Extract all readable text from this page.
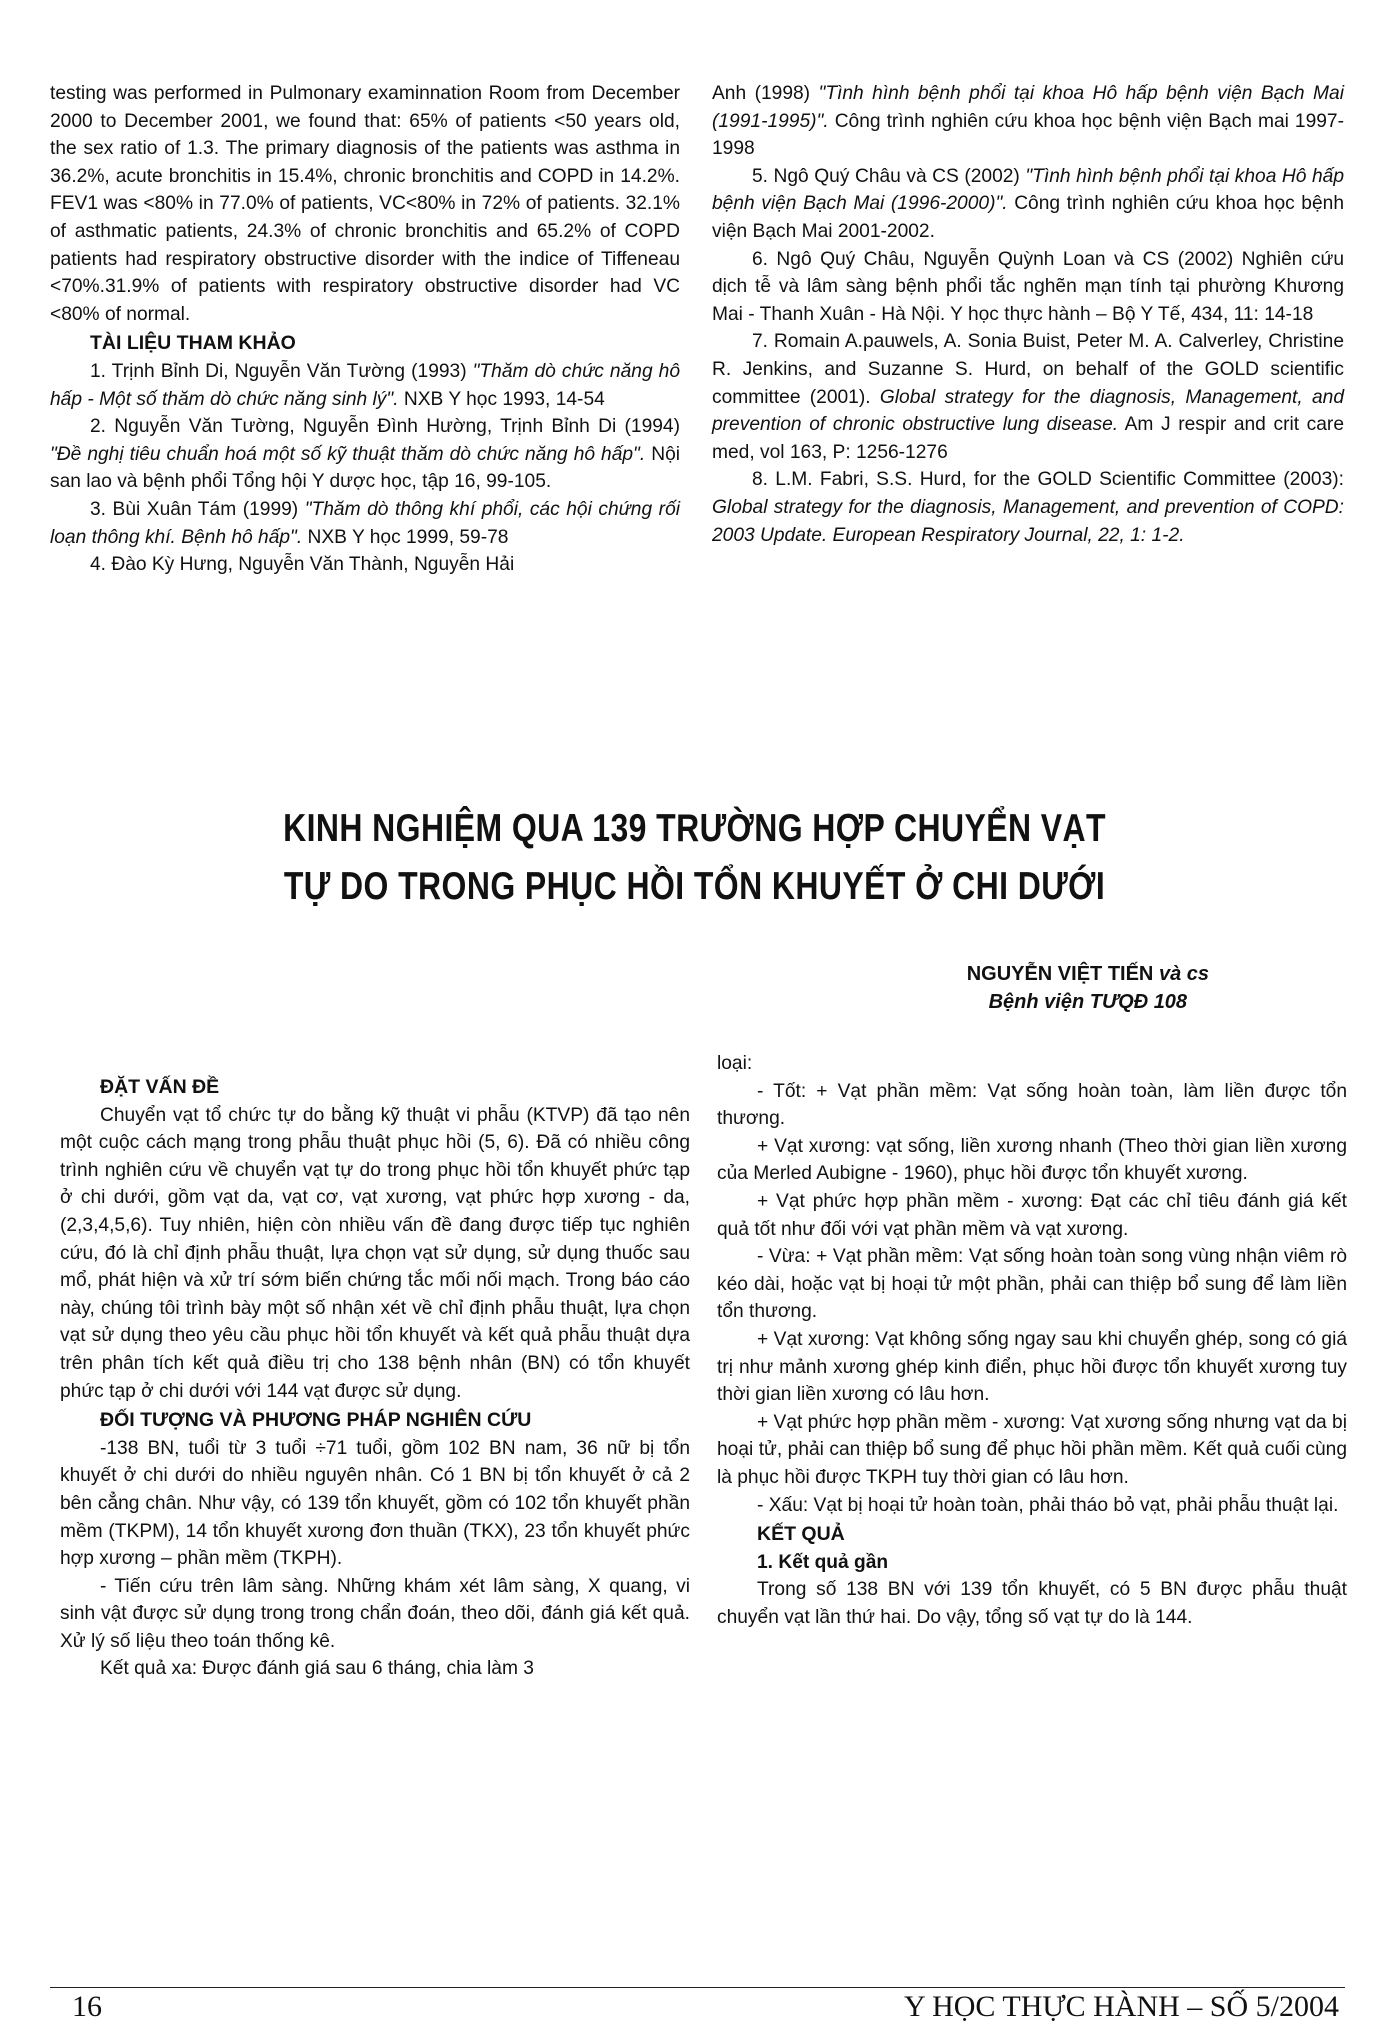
testing was performed in Pulmonary examinnation Room from December 2000 to December 2001, we found that: 65% of patients <50 years old, the sex ratio of 1.3. The primary diagnosis of the patients was asthma in 36.2%, acute bronchitis in 15.4%, chronic bronchitis and COPD in 14.2%. FEV1 was <80% in 77.0% of patients, VC<80% in 72% of patients. 32.1% of asthmatic patients, 24.3% of chronic bronchitis and 65.2% of COPD patients had respiratory obstructive disorder with the indice of Tiffeneau <70%.31.9% of patients with respiratory obstructive disorder had VC <80% of normal.

TÀI LIỆU THAM KHẢO

1. Trịnh Bỉnh Di, Nguyễn Văn Tường (1993) "Thăm dò chức năng hô hấp - Một số thăm dò chức năng sinh lý". NXB Y học 1993, 14-54

2. Nguyễn Văn Tường, Nguyễn Đình Hường, Trịnh Bỉnh Di (1994) "Đề nghị tiêu chuẩn hoá một số kỹ thuật thăm dò chức năng hô hấp". Nội san lao và bệnh phổi Tổng hội Y dược học, tập 16, 99-105.

3. Bùi Xuân Tám (1999) "Thăm dò thông khí phổi, các hội chứng rối loạn thông khí. Bệnh hô hấp". NXB Y học 1999, 59-78

4. Đào Kỳ Hưng, Nguyễn Văn Thành, Nguyễn Hải

Anh (1998) "Tình hình bệnh phổi tại khoa Hô hấp bệnh viện Bạch Mai (1991-1995)". Công trình nghiên cứu khoa học bệnh viện Bạch mai 1997-1998

5. Ngô Quý Châu và CS (2002) "Tình hình bệnh phổi tại khoa Hô hấp bệnh viện Bạch Mai (1996-2000)". Công trình nghiên cứu khoa học bệnh viện Bạch Mai 2001-2002.

6. Ngô Quý Châu, Nguyễn Quỳnh Loan và CS (2002) Nghiên cứu dịch tễ và lâm sàng bệnh phổi tắc nghẽn mạn tính tại phường Khương Mai - Thanh Xuân - Hà Nội. Y học thực hành – Bộ Y Tế, 434, 11: 14-18

7. Romain A.pauwels, A. Sonia Buist, Peter M. A. Calverley, Christine R. Jenkins, and Suzanne S. Hurd, on behalf of the GOLD scientific committee (2001). Global strategy for the diagnosis, Management, and prevention of chronic obstructive lung disease. Am J respir and crit care med, vol 163, P: 1256-1276

8. L.M. Fabri, S.S. Hurd, for the GOLD Scientific Committee (2003): Global strategy for the diagnosis, Management, and prevention of COPD: 2003 Update. European Respiratory Journal, 22, 1: 1-2.

KINH NGHIỆM QUA 139 TRƯỜNG HỢP CHUYỂN VẠT
TỰ DO TRONG PHỤC HỒI TỔN KHUYẾT Ở CHI DƯỚI
NGUYỄN VIỆT TIẾN và cs
Bệnh viện TƯQĐ 108

ĐẶT VẤN ĐỀ

Chuyển vạt tổ chức tự do bằng kỹ thuật vi phẫu (KTVP) đã tạo nên một cuộc cách mạng trong phẫu thuật phục hồi (5, 6). Đã có nhiều công trình nghiên cứu về chuyển vạt tự do trong phục hồi tổn khuyết phức tạp ở chi dưới, gồm vạt da, vạt cơ, vạt xương, vạt phức hợp xương - da, (2,3,4,5,6). Tuy nhiên, hiện còn nhiều vấn đề đang được tiếp tục nghiên cứu, đó là chỉ định phẫu thuật, lựa chọn vạt sử dụng, sử dụng thuốc sau mổ, phát hiện và xử trí sớm biến chứng tắc mối nối mạch. Trong báo cáo này, chúng tôi trình bày một số nhận xét về chỉ định phẫu thuật, lựa chọn vạt sử dụng theo yêu cầu phục hồi tổn khuyết và kết quả phẫu thuật dựa trên phân tích kết quả điều trị cho 138 bệnh nhân (BN) có tổn khuyết phức tạp ở chi dưới với 144 vạt được sử dụng.

ĐỐI TƯỢNG VÀ PHƯƠNG PHÁP NGHIÊN CỨU

-138 BN, tuổi từ 3 tuổi ÷71 tuổi, gồm 102 BN nam, 36 nữ bị tổn khuyết ở chi dưới do nhiều nguyên nhân. Có 1 BN bị tổn khuyết ở cả 2 bên cẳng chân. Như vậy, có 139 tổn khuyết, gồm có 102 tổn khuyết phần mềm (TKPM), 14 tổn khuyết xương đơn thuần (TKX), 23 tổn khuyết phức hợp xương – phần mềm (TKPH).

- Tiến cứu trên lâm sàng. Những khám xét lâm sàng, X quang, vi sinh vật được sử dụng trong trong chẩn đoán, theo dõi, đánh giá kết quả. Xử lý số liệu theo toán thống kê.

Kết quả xa: Được đánh giá sau 6 tháng, chia làm 3

loại:

- Tốt: + Vạt phần mềm: Vạt sống hoàn toàn, làm liền được tổn thương.

+ Vạt xương: vạt sống, liền xương nhanh (Theo thời gian liền xương của Merled Aubigne - 1960), phục hồi được tổn khuyết xương.

+ Vạt phức hợp phần mềm - xương: Đạt các chỉ tiêu đánh giá kết quả tốt như đối với vạt phần mềm và vạt xương.

- Vừa: + Vạt phần mềm: Vạt sống hoàn toàn song vùng nhận viêm rò kéo dài, hoặc vạt bị hoại tử một phần, phải can thiệp bổ sung để làm liền tổn thương.

+ Vạt xương: Vạt không sống ngay sau khi chuyển ghép, song có giá trị như mảnh xương ghép kinh điển, phục hồi được tổn khuyết xương tuy thời gian liền xương có lâu hơn.

+ Vạt phức hợp phần mềm - xương: Vạt xương sống nhưng vạt da bị hoại tử, phải can thiệp bổ sung để phục hồi phần mềm. Kết quả cuối cùng là phục hồi được TKPH tuy thời gian có lâu hơn.

- Xấu: Vạt bị hoại tử hoàn toàn, phải tháo bỏ vạt, phải phẫu thuật lại.

KẾT QUẢ

1. Kết quả gần

Trong số 138 BN với 139 tổn khuyết, có 5 BN được phẫu thuật chuyển vạt lần thứ hai. Do vậy, tổng số vạt tự do là 144.

16	Y HỌC THỰC HÀNH – SỐ 5/2004
